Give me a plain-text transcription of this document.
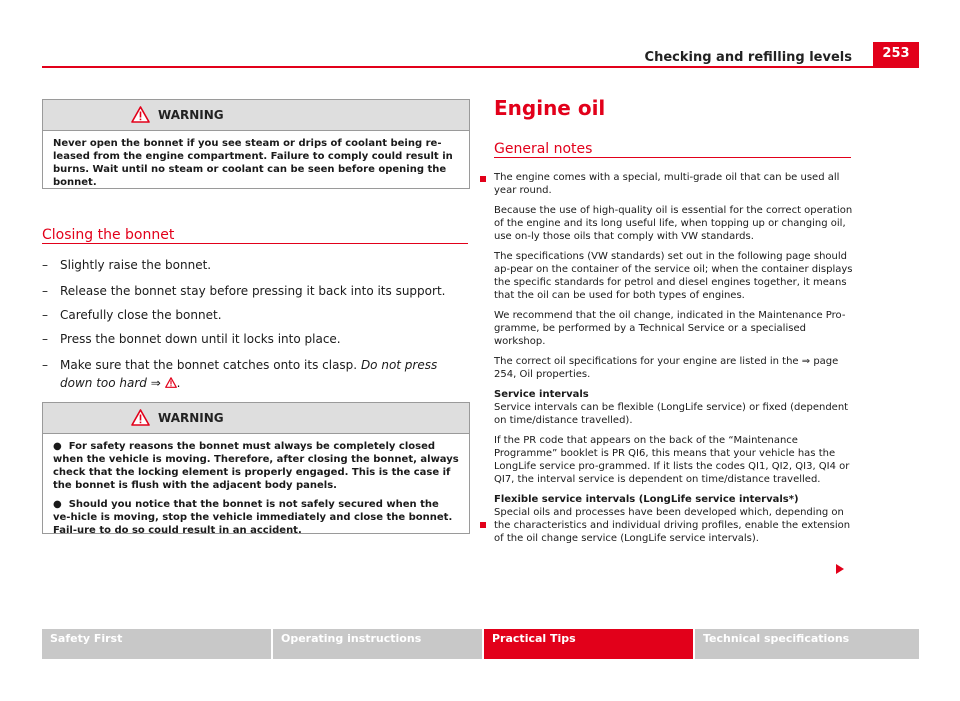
Checking and refilling levels	253
WARNING

Never open the bonnet if you see steam or drips of coolant being re-leased from the engine compartment. Failure to comply could result in burns. Wait until no steam or coolant can be seen before opening the bonnet.

Closing the bonnet
– Slightly raise the bonnet.
– Release the bonnet stay before pressing it back into its support.
– Carefully close the bonnet.
– Press the bonnet down until it locks into place.
– Make sure that the bonnet catches onto its clasp. Do not press down too hard ⇒ .
WARNING

● For safety reasons the bonnet must always be completely closed when the vehicle is moving. Therefore, after closing the bonnet, always check that the locking element is properly engaged. This is the case if the bonnet is flush with the adjacent body panels.

● Should you notice that the bonnet is not safely secured when the ve-hicle is moving, stop the vehicle immediately and close the bonnet. Fail-ure to do so could result in an accident.

Engine oil
General notes

The engine comes with a special, multi-grade oil that can be used all year round.

Because the use of high-quality oil is essential for the correct operation of the engine and its long useful life, when topping up or changing oil, use on-ly those oils that comply with VW standards.

The specifications (VW standards) set out in the following page should ap-pear on the container of the service oil; when the container displays the specific standards for petrol and diesel engines together, it means that the oil can be used for both types of engines.

We recommend that the oil change, indicated in the Maintenance Pro-gramme, be performed by a Technical Service or a specialised workshop.

The correct oil specifications for your engine are listed in the ⇒ page 254, Oil properties.

Service intervals

Service intervals can be flexible (LongLife service) or fixed (dependent on time/distance travelled).

If the PR code that appears on the back of the “Maintenance Programme” booklet is PR QI6, this means that your vehicle has the LongLife service pro-grammed. If it lists the codes QI1, QI2, QI3, QI4 or QI7, the interval service is dependent on time/distance travelled.

Flexible service intervals (LongLife service intervals*)

Special oils and processes have been developed which, depending on the characteristics and individual driving profiles, enable the extension of the oil change service (LongLife service intervals).

Safety First	Operating instructions	Practical Tips	Technical specifications
